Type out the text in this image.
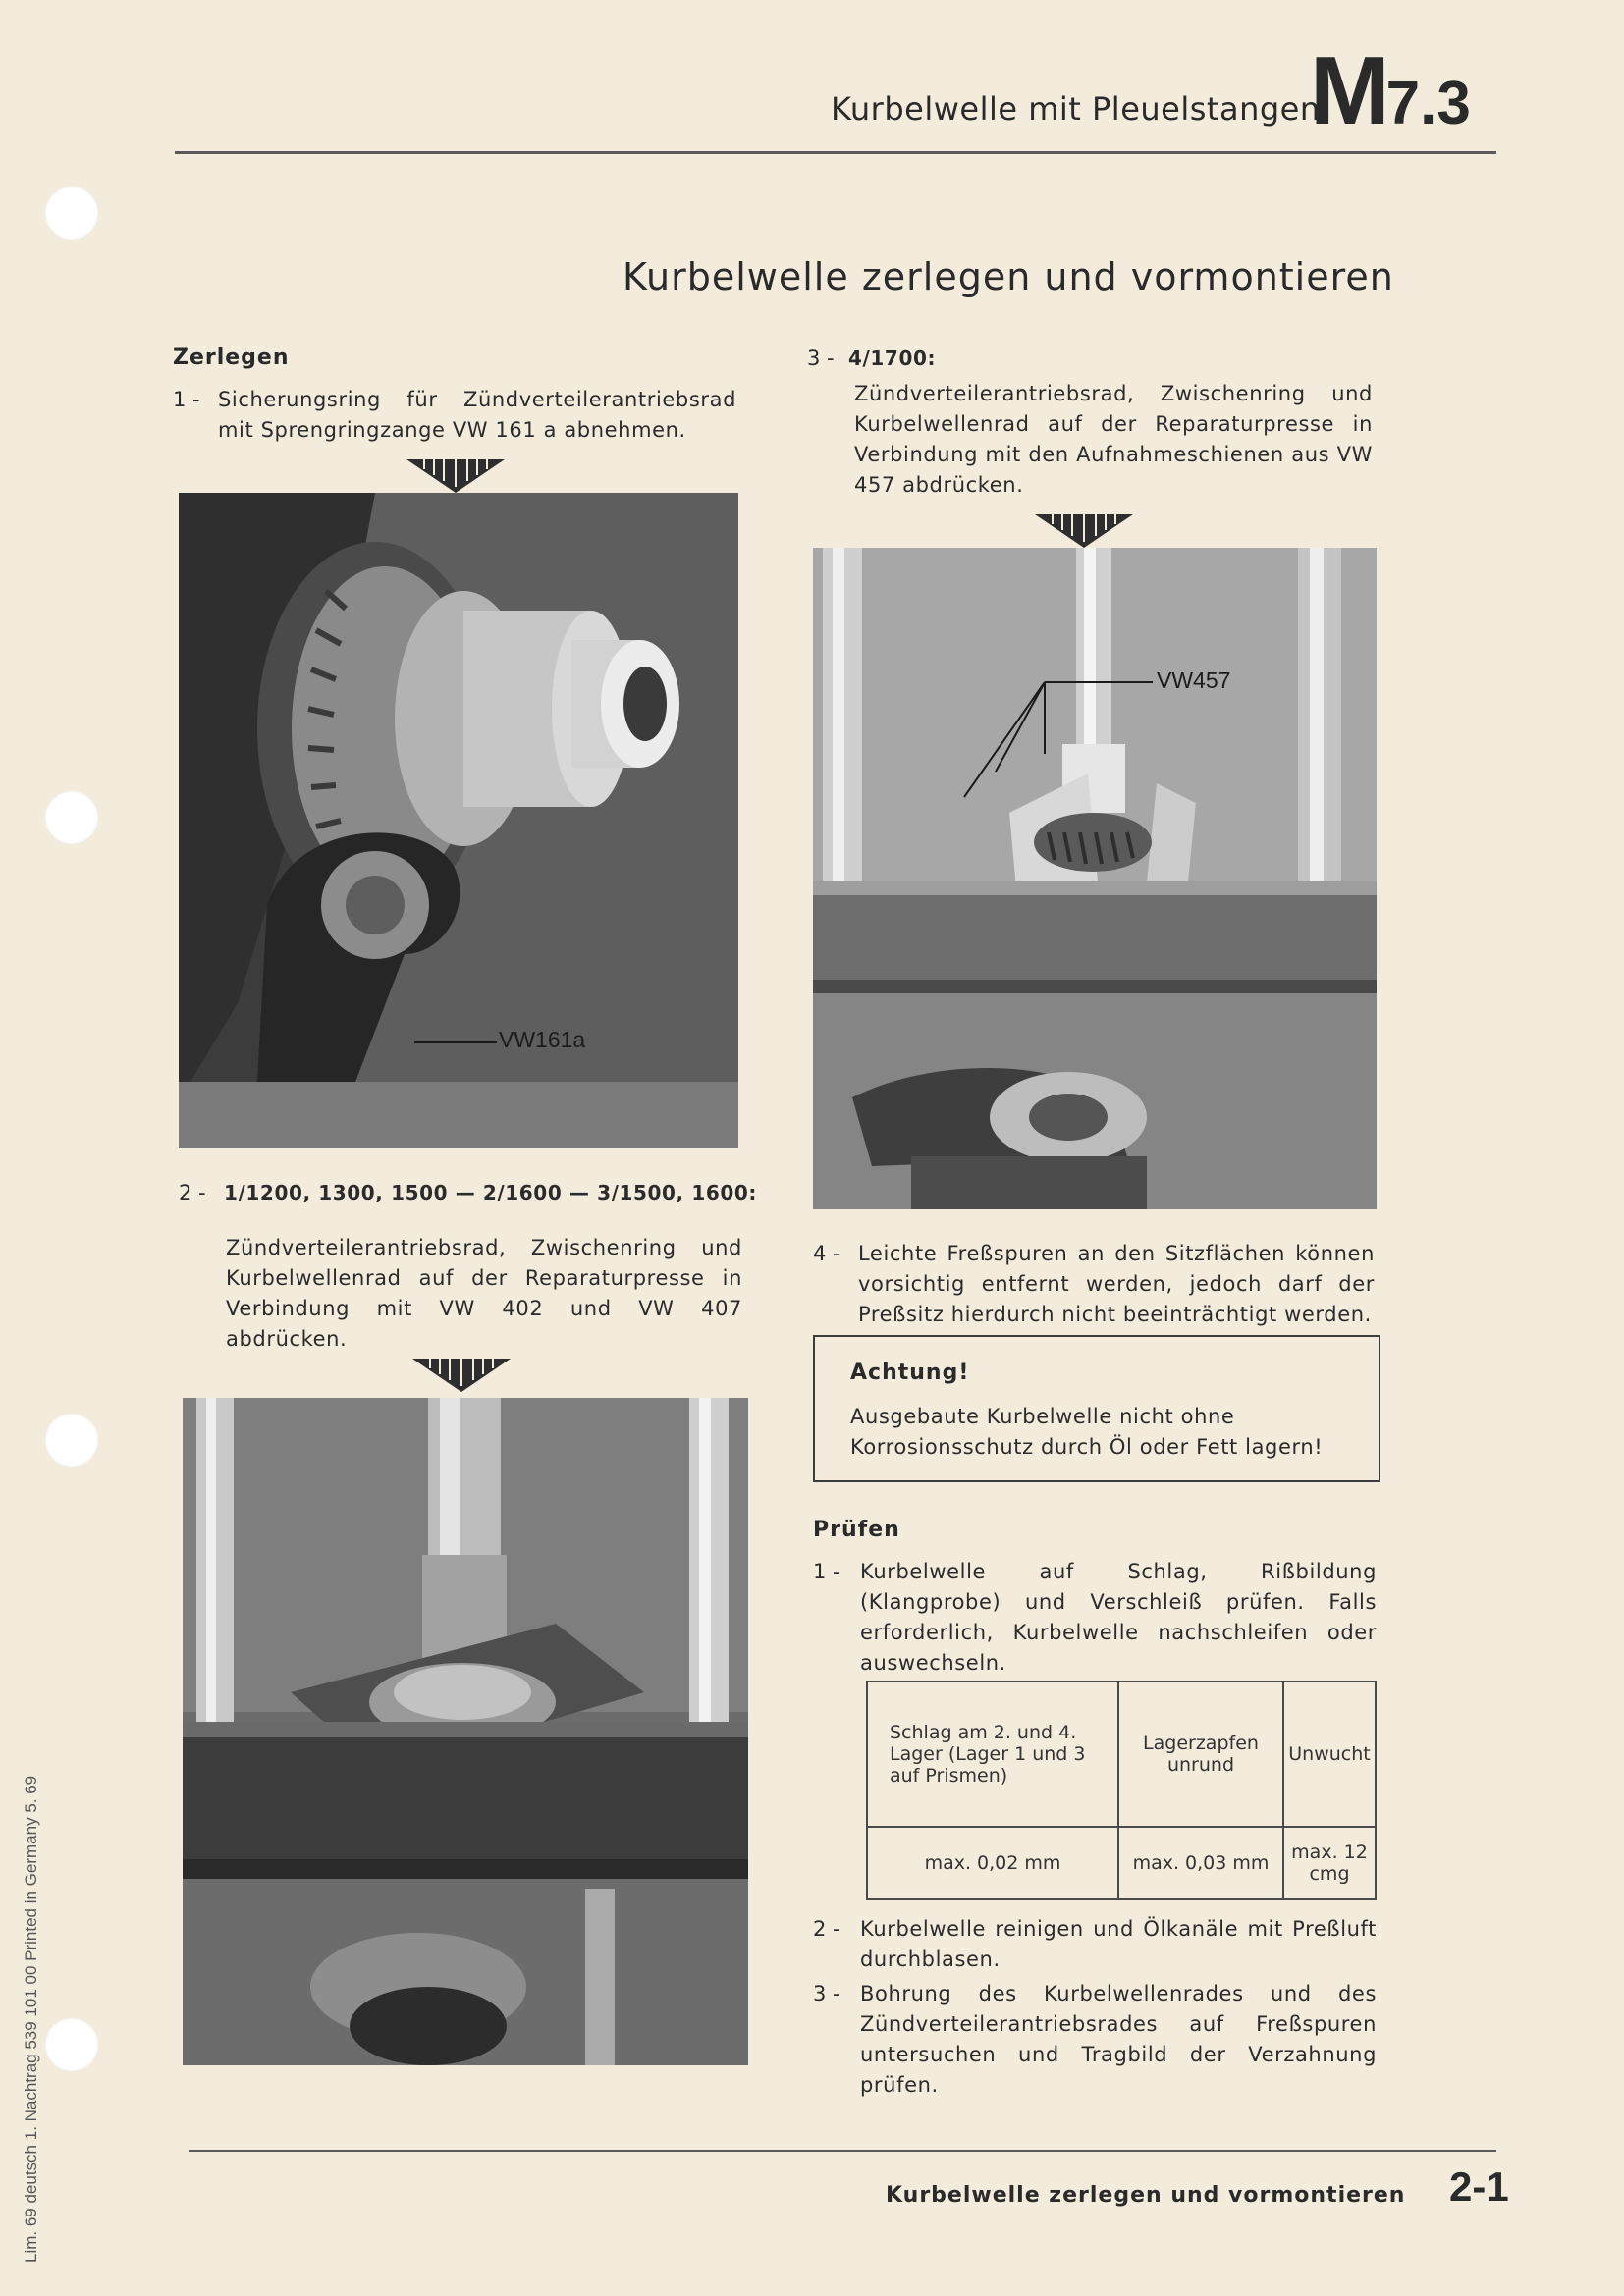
Kurbelwelle mit Pleuelstangen
M7.3
Kurbelwelle zerlegen und vormontieren
Zerlegen
1 - Sicherungsring für Zündverteilerantriebsrad mit Sprengringzange VW 161 a abnehmen.
VW161a
2 - 1/1200, 1300, 1500 — 2/1600 — 3/1500, 1600:
Zündverteilerantriebsrad, Zwischenring und Kurbelwellenrad auf der Reparaturpresse in Verbindung mit VW 402 und VW 407 abdrücken.
3 - 4/1700:
Zündverteilerantriebsrad, Zwischenring und Kurbelwellenrad auf der Reparaturpresse in Verbindung mit den Aufnahmeschienen aus VW 457 abdrücken.
VW457
4 - Leichte Freßspuren an den Sitzflächen können vorsichtig entfernt werden, jedoch darf der Preßsitz hierdurch nicht beeinträchtigt werden.
Achtung!
Ausgebaute Kurbelwelle nicht ohne Korrosionsschutz durch Öl oder Fett lagern!
Prüfen
1 - Kurbelwelle auf Schlag, Rißbildung (Klangprobe) und Verschleiß prüfen. Falls erforderlich, Kurbelwelle nachschleifen oder auswechseln.
Schlag am 2. und 4. Lager (Lager 1 und 3 auf Prismen)	Lagerzapfen unrund	Unwucht
max. 0,02 mm	max. 0,03 mm	max. 12 cmg
2 - Kurbelwelle reinigen und Ölkanäle mit Preßluft durchblasen.
3 - Bohrung des Kurbelwellenrades und des Zündverteilerantriebsrades auf Freßspuren untersuchen und Tragbild der Verzahnung prüfen.
Kurbelwelle zerlegen und vormontieren 2-1
Lim. 69 deutsch 1. Nachtrag 539 101 00 Printed in Germany 5. 69
